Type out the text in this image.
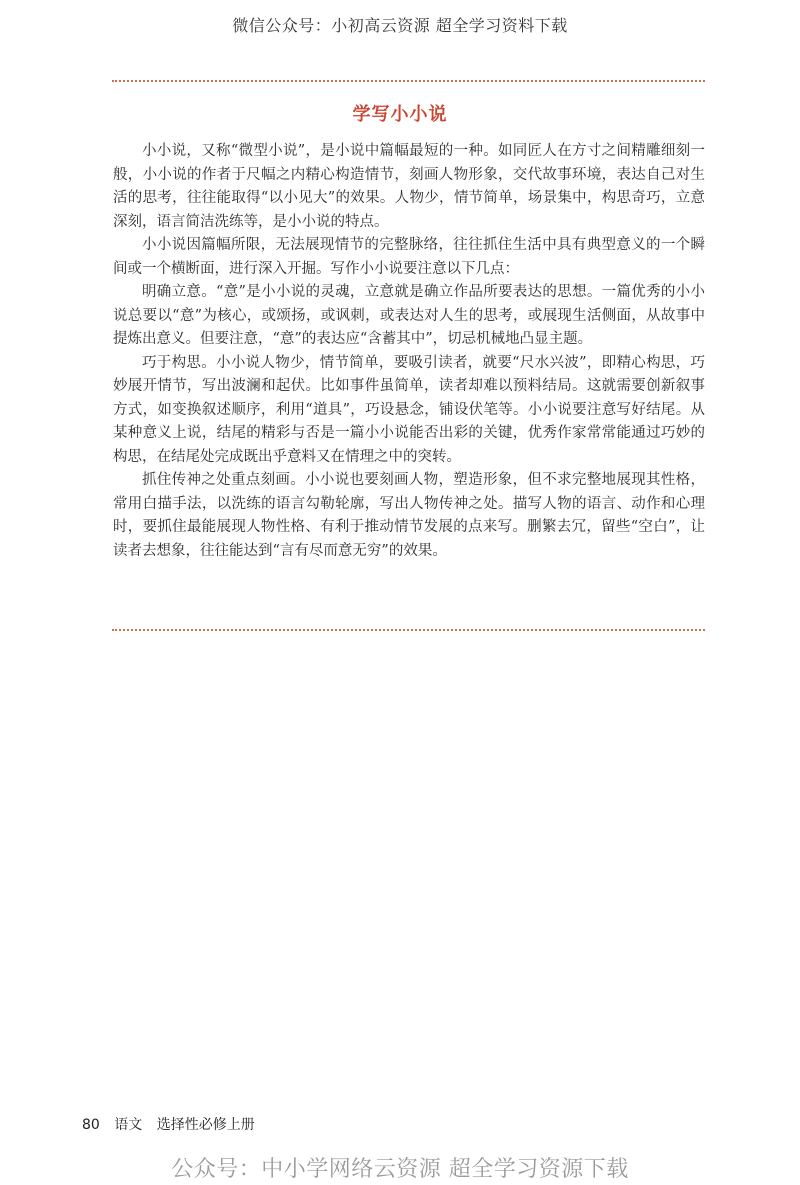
微信公众号：小初高云资源 超全学习资料下载
学写小小说

小小说，又称“微型小说”，是小说中篇幅最短的一种。如同匠人在方寸之间精雕细刻一般，小小说的作者于尺幅之内精心构造情节，刻画人物形象，交代故事环境，表达自己对生活的思考，往往能取得“以小见大”的效果。人物少，情节简单，场景集中，构思奇巧，立意深刻，语言简洁洗练等，是小小说的特点。

小小说因篇幅所限，无法展现情节的完整脉络，往往抓住生活中具有典型意义的一个瞬间或一个横断面，进行深入开掘。写作小小说要注意以下几点：

明确立意。“意”是小小说的灵魂，立意就是确立作品所要表达的思想。一篇优秀的小小说总要以“意”为核心，或颂扬，或讽刺，或表达对人生的思考，或展现生活侧面，从故事中提炼出意义。但要注意，“意”的表达应“含蓄其中”，切忌机械地凸显主题。

巧于构思。小小说人物少，情节简单，要吸引读者，就要“尺水兴波”，即精心构思，巧妙展开情节，写出波澜和起伏。比如事件虽简单，读者却难以预料结局。这就需要创新叙事方式，如变换叙述顺序，利用“道具”，巧设悬念，铺设伏笔等。小小说要注意写好结尾。从某种意义上说，结尾的精彩与否是一篇小小说能否出彩的关键，优秀作家常常能通过巧妙的构思，在结尾处完成既出乎意料又在情理之中的突转。

抓住传神之处重点刻画。小小说也要刻画人物，塑造形象，但不求完整地展现其性格，常用白描手法，以洗练的语言勾勒轮廓，写出人物传神之处。描写人物的语言、动作和心理时，要抓住最能展现人物性格、有利于推动情节发展的点来写。删繁去冗，留些“空白”，让读者去想象，往往能达到“言有尽而意无穷”的效果。

80 语文 选择性必修上册
公众号：中小学网络云资源 超全学习资源下载
